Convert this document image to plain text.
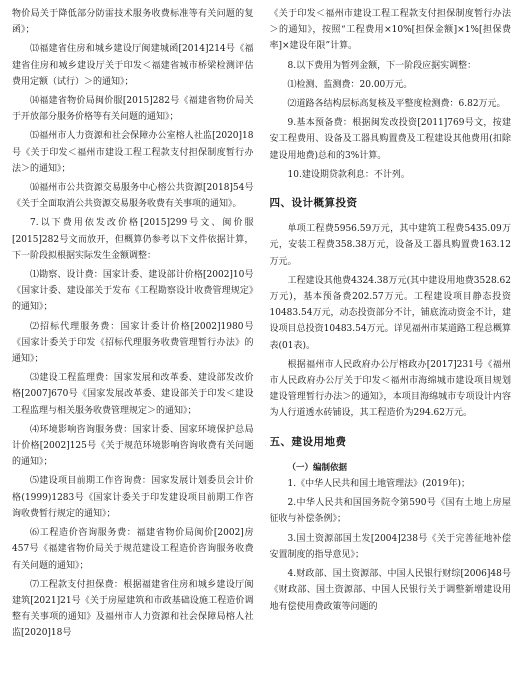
物价局关于降低部分防雷技术服务收费标准等有关问题的复函》；

⒀福建省住房和城乡建设厅闽建城函[2014]214号《福建省住房和城乡建设厅关于印发＜福建省城市桥梁检测评估费用定额（试行）＞的通知》；

⒁福建省物价局闽价服[2015]282号《福建省物价局关于开放部分服务价格等有关问题的通知》；

⒂福州市人力资源和社会保障办公室榕人社监[2020]18号《关于印发＜福州市建设工程工程款支付担保制度暂行办法＞的通知》；

⒃福州市公共资源交易服务中心榕公共资源[2018]54号《关于全面取消公共资源交易服务收费有关事项的通知》。

7.以下费用依发改价格[2015]299号文、闽价服[2015]282号文而放开，但概算仍参考以下文件依据计算，下一阶段拟根据实际发生金额调整：

⑴勘察、设计费：国家计委、建设部计价格[2002]10号《国家计委、建设部关于发布《工程勘察设计收费管理规定》的通知》；

⑵招标代理服务费：国家计委计价格[2002]1980号《国家计委关于印发《招标代理服务收费管理暂行办法》的通知》；

⑶建设工程监理费：国家发展和改革委、建设部发改价格[2007]670号《国家发展改革委、建设部关于印发＜建设工程监理与相关服务收费管理规定＞的通知》；

⑷环境影响咨询服务费：国家计委、国家环境保护总局计价格[2002]125号《关于规范环境影响咨询收费有关问题的通知》；

⑸建设项目前期工作咨询费：国家发展计划委员会计价格(1999)1283号《国家计委关于印发建设项目前期工作咨询收费暂行规定的通知》；

⑹工程造价咨询服务费：福建省物价局闽价[2002]房457号《福建省物价局关于规范建设工程造价咨询服务收费有关问题的通知》；

⑺工程款支付担保费：根据福建省住房和城乡建设厅闽建筑[2021]21号《关于房屋建筑和市政基础设施工程造价调整有关事项的通知》及福州市人力资源和社会保障局榕人社监[2020]18号

《关于印发＜福州市建设工程工程款支付担保制度暂行办法＞的通知》，按照“工程费用×10%[担保金额]×1%[担保费率]×建设年限”计算。

8.以下费用为暂列金额，下一阶段应据实调整：

⑴检测、监测费：20.00万元。

⑵道路各结构层标高复核及平整度检测费：6.82万元。

9.基本预备费：根据闽发改投资[2011]769号文，按建安工程费用、设备及工器具购置费及工程建设其他费用(扣除建设用地费)总和的3%计算。

10.建设期贷款利息：不计列。

四、设计概算投资

单项工程费5956.59万元，其中建筑工程费5435.09万元，安装工程费358.38万元，设备及工器具购置费163.12万元。

工程建设其他费4324.38万元(其中建设用地费3528.62万元)，基本预备费202.57万元。工程建设项目静态投资10483.54万元，动态投资部分不计，铺底流动资金不计，建设项目总投资10483.54万元。详见福州市某道路工程总概算表(01表)。

根据福州市人民政府办公厅榕政办[2017]231号《福州市人民政府办公厅关于印发＜福州市海绵城市建设项目规划建设管理暂行办法＞的通知》，本项目海绵城市专项设计内容为人行道透水砖铺设，其工程造价为294.62万元。

五、建设用地费
（一）编制依据

1.《中华人民共和国土地管理法》(2019年)；

2.中华人民共和国国务院令第590号《国有土地上房屋征收与补偿条例》；

3.国土资源部国土发[2004]238号《关于完善征地补偿安置制度的指导意见》；

4.财政部、国土资源部、中国人民银行财综[2006]48号《财政部、国土资源部、中国人民银行关于调整新增建设用地有偿使用费政策等问题的
